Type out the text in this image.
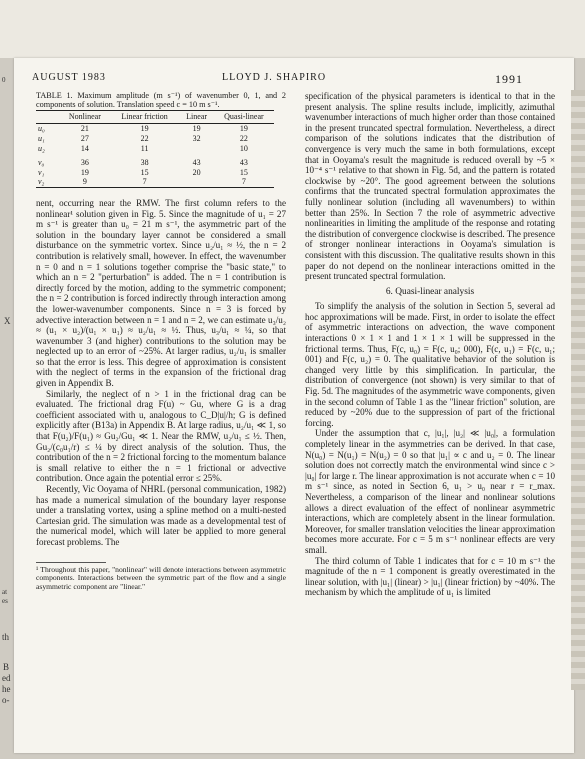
0
X
at
es
th
B
ed
he
o-
AUGUST 1983	LLOYD J. SHAPIRO	1991

TABLE 1. Maximum amplitude (m s⁻¹) of wavenumber 0, 1, and 2 components of solution. Translation speed c = 10 m s⁻¹.

	Nonlinear	Linear friction	Linear	Quasi-linear
u₀	21	19	19	19
u₁	27	22	32	22
u₂	14	11		10
v₀	36	38	43	43
v₁	19	15	20	15
v₂	9	7		7

nent, occurring near the RMW. The first column refers to the nonlinear¹ solution given in Fig. 5. Since the magnitude of u₁ = 27 m s⁻¹ is greater than u₀ = 21 m s⁻¹, the asymmetric part of the solution in the boundary layer cannot be considered a small disturbance on the symmetric vortex. Since u₂/u₁ ≈ ½, the n = 2 contribution is relatively small, however. In effect, the wavenumber n = 0 and n = 1 solutions together comprise the "basic state," to which an n = 2 "perturbation" is added. The n = 1 contribution is directly forced by the motion, adding to the symmetric component; the n = 2 contribution is forced indirectly through interaction among the lower-wavenumber components. Since n = 3 is forced by advective interaction between n = 1 and n = 2, we can estimate u₃/u₂ ≈ (u₁ × u₂)/(u₁ × u₁) ≈ u₂/u₁ ≈ ½. Thus, u₃/u₁ ≈ ¼, so that wavenumber 3 (and higher) contributions to the solution may be neglected up to an error of ~25%. At larger radius, u₂/u₁ is smaller so that the error is less. This degree of approximation is consistent with the neglect of terms in the expansion of the frictional drag given in Appendix B.

Similarly, the neglect of n > 1 in the frictional drag can be evaluated. The frictional drag F(u) ~ Gu, where G is a drag coefficient associated with u, analogous to C_D|u|/h; G is defined explicitly after (B13a) in Appendix B. At large radius, u₂/u₁ ≪ 1, so that F(u₂)/F(u₁) ≈ Gu₂/Gu₁ ≪ 1. Near the RMW, u₂/u₁ ≤ ½. Then, Gu₂/(c₀u₁/r) ≤ ¼ by direct analysis of the solution. Thus, the contribution of the n = 2 frictional forcing to the momentum balance is small relative to either the n = 1 frictional or advective contribution. Once again the potential error ≤ 25%.

Recently, Vic Ooyama of NHRL (personal communication, 1982) has made a numerical simulation of the boundary layer response under a translating vortex, using a spline method on a multi-nested Cartesian grid. The simulation was made as a developmental test of the numerical model, which will later be applied to more general forecast problems. The

¹ Throughout this paper, "nonlinear" will denote interactions between asymmetric components. Interactions between the symmetric part of the flow and a single asymmetric component are "linear."

specification of the physical parameters is identical to that in the present analysis. The spline results include, implicitly, azimuthal wavenumber interactions of much higher order than those contained in the present truncated spectral formulation. Nevertheless, a direct comparison of the solutions indicates that the distribution of convergence is very much the same in both formulations, except that in Ooyama's result the magnitude is reduced overall by ~5 × 10⁻⁴ s⁻¹ relative to that shown in Fig. 5d, and the pattern is rotated clockwise by ~20°. The good agreement between the solutions confirms that the truncated spectral formulation approximates the fully nonlinear solution (including all wavenumbers) to within better than 25%. In Section 7 the role of asymmetric advective nonlinearities in limiting the amplitude of the response and rotating the distribution of convergence clockwise is described. The presence of stronger nonlinear interactions in Ooyama's simulation is consistent with this discussion. The qualitative results shown in this paper do not depend on the nonlinear interactions omitted in the present truncated spectral formulation.

6. Quasi-linear analysis

To simplify the analysis of the solution in Section 5, several ad hoc approximations will be made. First, in order to isolate the effect of asymmetric interactions on advection, the wave component interactions 0 × 1 × 1 and 1 × 1 × 1 will be suppressed in the frictional terms. Thus, F(c, u₀) = F(c, u₀; 000), F(c, u₁) = F(c, u₁; 001) and F(c, u₂) = 0. The qualitative behavior of the solution is changed very little by this simplification. In particular, the distribution of convergence (not shown) is very similar to that of Fig. 5d. The magnitudes of the asymmetric wave components, given in the second column of Table 1 as the "linear friction" solution, are reduced by ~20% due to the suppression of part of the frictional forcing.

Under the assumption that c, |u₁|, |u₂| ≪ |u₀|, a formulation completely linear in the asymmetries can be derived. In that case, N(u₀) = N(u₁) = N(u₂) = 0 so that |u₁| ∝ c and u₂ = 0. The linear solution does not correctly match the environmental wind since c > |u₀| for large r. The linear approximation is not accurate when c = 10 m s⁻¹ since, as noted in Section 6, u₁ > u₀ near r = r_max. Nevertheless, a comparison of the linear and nonlinear solutions allows a direct evaluation of the effect of nonlinear asymmetric interactions, which are completely absent in the linear formulation. Moreover, for smaller translation velocities the linear approximation becomes more accurate. For c = 5 m s⁻¹ nonlinear effects are very small.

The third column of Table 1 indicates that for c = 10 m s⁻¹ the magnitude of the n = 1 component is greatly overestimated in the linear solution, with |u₁| (linear) > |u₁| (linear friction) by ~40%. The mechanism by which the amplitude of u₁ is limited
